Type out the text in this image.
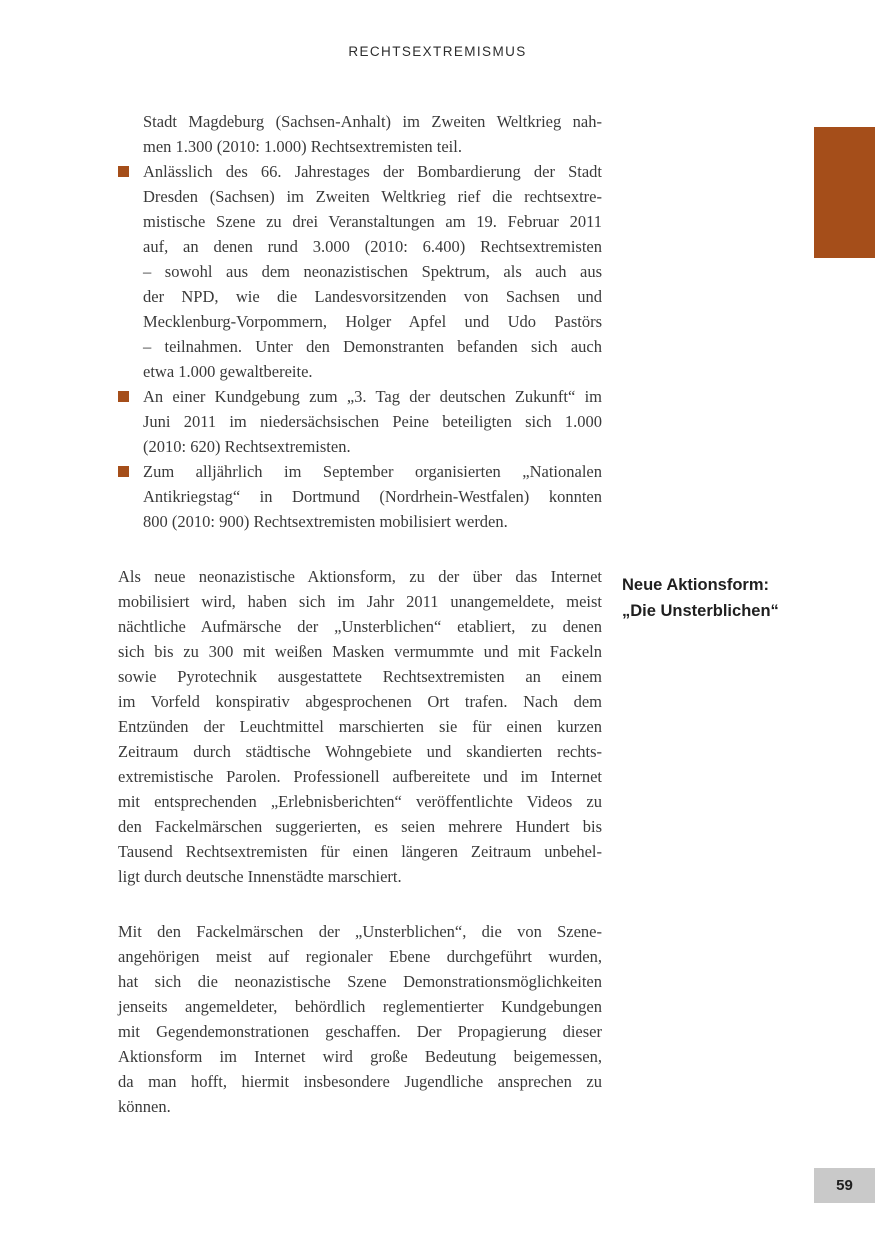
RECHTSEXTREMISMUS
Stadt Magdeburg (Sachsen-Anhalt) im Zweiten Weltkrieg nah-
men 1.300 (2010: 1.000) Rechtsextremisten teil.
Anlässlich des 66. Jahrestages der Bombardierung der Stadt
Dresden (Sachsen) im Zweiten Weltkrieg rief die rechtsextre-
mistische Szene zu drei Veranstaltungen am 19. Februar 2011
auf, an denen rund 3.000 (2010: 6.400) Rechtsextremisten
– sowohl aus dem neonazistischen Spektrum, als auch aus
der NPD, wie die Landesvorsitzenden von Sachsen und
Mecklenburg-Vorpommern, Holger Apfel und Udo Pastörs
– teilnahmen. Unter den Demonstranten befanden sich auch
etwa 1.000 gewaltbereite.
An einer Kundgebung zum „3. Tag der deutschen Zukunft“ im
Juni 2011 im niedersächsischen Peine beteiligten sich 1.000
(2010: 620) Rechtsextremisten.
Zum alljährlich im September organisierten „Nationalen
Antikriegstag“ in Dortmund (Nordrhein-Westfalen) konnten
800 (2010: 900) Rechtsextremisten mobilisiert werden.
Als neue neonazistische Aktionsform, zu der über das Internet
mobilisiert wird, haben sich im Jahr 2011 unangemeldete, meist
nächtliche Aufmärsche der „Unsterblichen“ etabliert, zu denen
sich bis zu 300 mit weißen Masken vermummte und mit Fackeln
sowie Pyrotechnik ausgestattete Rechtsextremisten an einem
im Vorfeld konspirativ abgesprochenen Ort trafen. Nach dem
Entzünden der Leuchtmittel marschierten sie für einen kurzen
Zeitraum durch städtische Wohngebiete und skandierten rechts-
extremistische Parolen. Professionell aufbereitete und im Internet
mit entsprechenden „Erlebnisberichten“ veröffentlichte Videos zu
den Fackelmärschen suggerierten, es seien mehrere Hundert bis
Tausend Rechtsextremisten für einen längeren Zeitraum unbehel-
ligt durch deutsche Innenstädte marschiert.
Mit den Fackelmärschen der „Unsterblichen“, die von Szene-
angehörigen meist auf regionaler Ebene durchgeführt wurden,
hat sich die neonazistische Szene Demonstrationsmöglichkeiten
jenseits angemeldeter, behördlich reglementierter Kundgebungen
mit Gegendemonstrationen geschaffen. Der Propagierung dieser
Aktionsform im Internet wird große Bedeutung beigemessen,
da man hofft, hiermit insbesondere Jugendliche ansprechen zu
können.
Neue Aktionsform:
„Die Unsterblichen“
59
